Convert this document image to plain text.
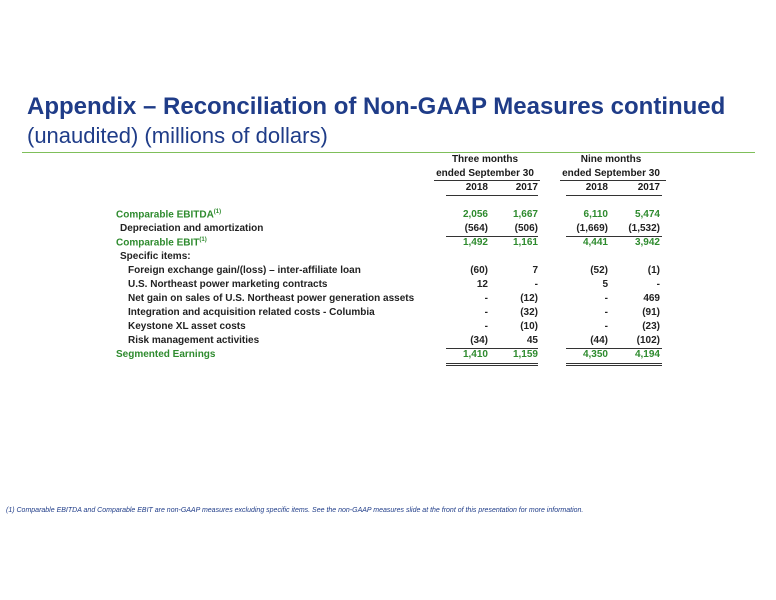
Appendix – Reconciliation of Non-GAAP Measures continued
(unaudited) (millions of dollars)
Three months
ended September 30
Nine months
ended September 30
2018	2017	2018	2017
Comparable EBITDA$^{(1)}$	2,056	1,667	6,110	5,474
Depreciation and amortization	(564)	(506)	(1,669)	(1,532)
Comparable EBIT$^{(1)}$	1,492	1,161	4,441	3,942
Specific items:
Foreign exchange gain/(loss) – inter-affiliate loan	(60)	7	(52)	(1)
U.S. Northeast power marketing contracts	12	-	5	-
Net gain on sales of U.S. Northeast power generation assets	-	(12)	-	469
Integration and acquisition related costs - Columbia	-	(32)	-	(91)
Keystone XL asset costs	-	(10)	-	(23)
Risk management activities	(34)	45	(44)	(102)
Segmented Earnings	1,410	1,159	4,350	4,194
(1) Comparable EBITDA and Comparable EBIT are non-GAAP measures excluding specific items. See the non-GAAP measures slide at the front of this presentation for more information.
